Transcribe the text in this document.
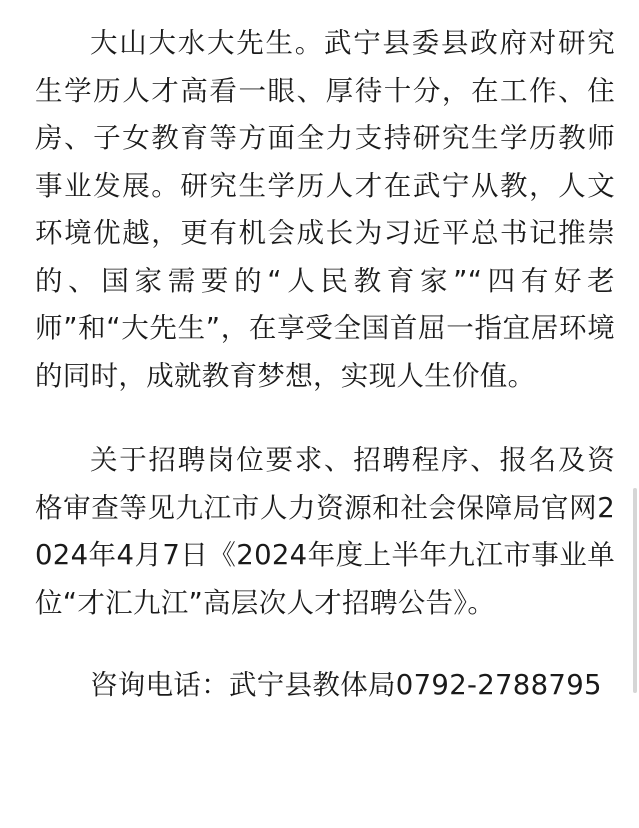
大山大水大先生。武宁县委县政府对研究生学历人才高看一眼、厚待十分，在工作、住房、子女教育等方面全力支持研究生学历教师事业发展。研究生学历人才在武宁从教，人文环境优越，更有机会成长为习近平总书记推崇的、国家需要的“人民教育家”“四有好老师”和“大先生”，在享受全国首屈一指宜居环境的同时，成就教育梦想，实现人生价值。

关于招聘岗位要求、招聘程序、报名及资格审查等见九江市人力资源和社会保障局官网2024年4月7日《2024年度上半年九江市事业单位“才汇九江”高层次人才招聘公告》。

咨询电话：武宁县教体局0792-2788795
